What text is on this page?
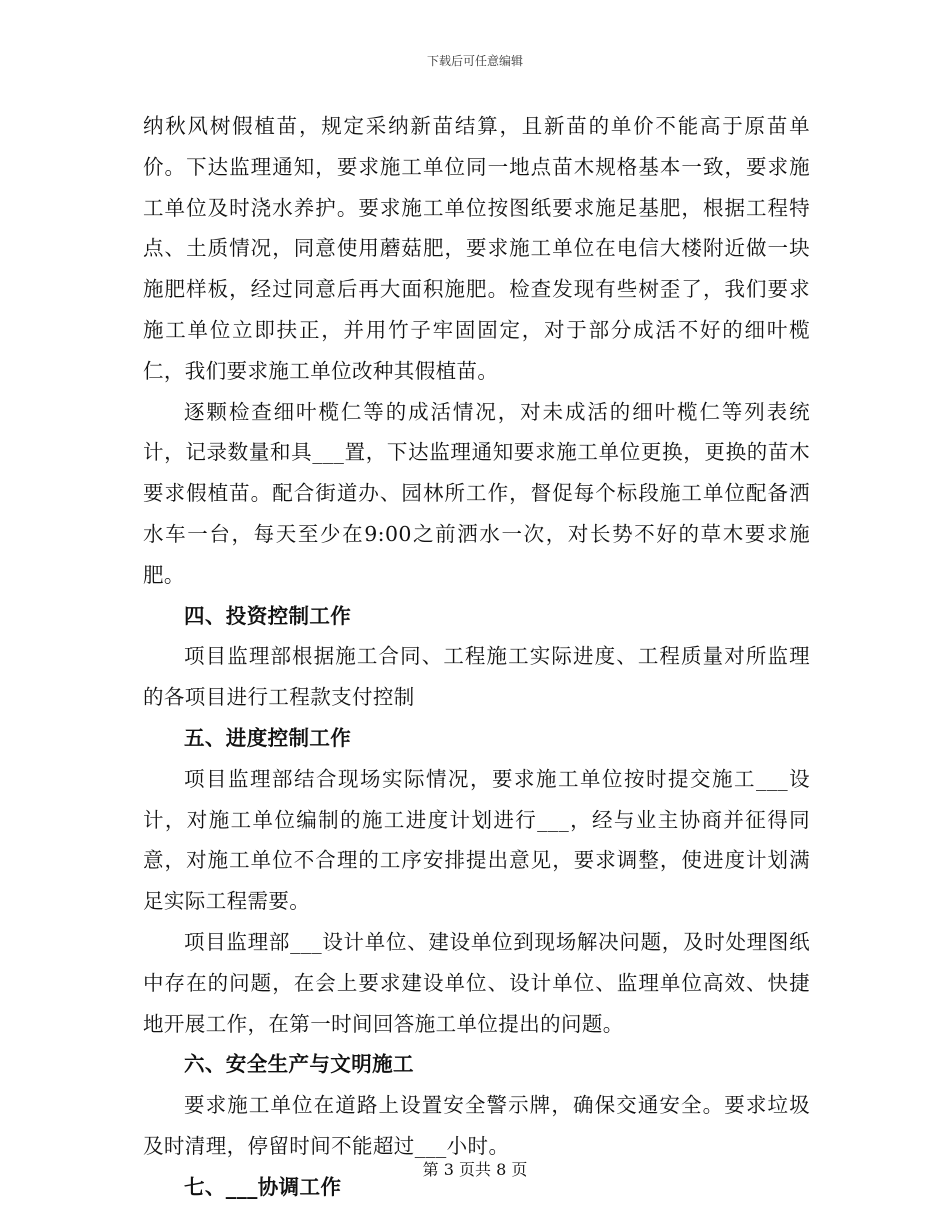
下载后可任意编辑

纳秋风树假植苗，规定采纳新苗结算，且新苗的单价不能高于原苗单价。下达监理通知，要求施工单位同一地点苗木规格基本一致，要求施工单位及时浇水养护。要求施工单位按图纸要求施足基肥，根据工程特点、土质情况，同意使用蘑菇肥，要求施工单位在电信大楼附近做一块施肥样板，经过同意后再大面积施肥。检查发现有些树歪了，我们要求施工单位立即扶正，并用竹子牢固固定，对于部分成活不好的细叶榄仁，我们要求施工单位改种其假植苗。

逐颗检查细叶榄仁等的成活情况，对未成活的细叶榄仁等列表统计，记录数量和具___置，下达监理通知要求施工单位更换，更换的苗木要求假植苗。配合街道办、园林所工作，督促每个标段施工单位配备洒水车一台，每天至少在9:00之前洒水一次，对长势不好的草木要求施肥。

四、投资控制工作

项目监理部根据施工合同、工程施工实际进度、工程质量对所监理的各项目进行工程款支付控制

五、进度控制工作

项目监理部结合现场实际情况，要求施工单位按时提交施工___设计，对施工单位编制的施工进度计划进行___，经与业主协商并征得同意，对施工单位不合理的工序安排提出意见，要求调整，使进度计划满足实际工程需要。

项目监理部___设计单位、建设单位到现场解决问题，及时处理图纸中存在的问题，在会上要求建设单位、设计单位、监理单位高效、快捷地开展工作，在第一时间回答施工单位提出的问题。

六、安全生产与文明施工

要求施工单位在道路上设置安全警示牌，确保交通安全。要求垃圾及时清理，停留时间不能超过___小时。

七、___协调工作

第 3 页共 8 页
